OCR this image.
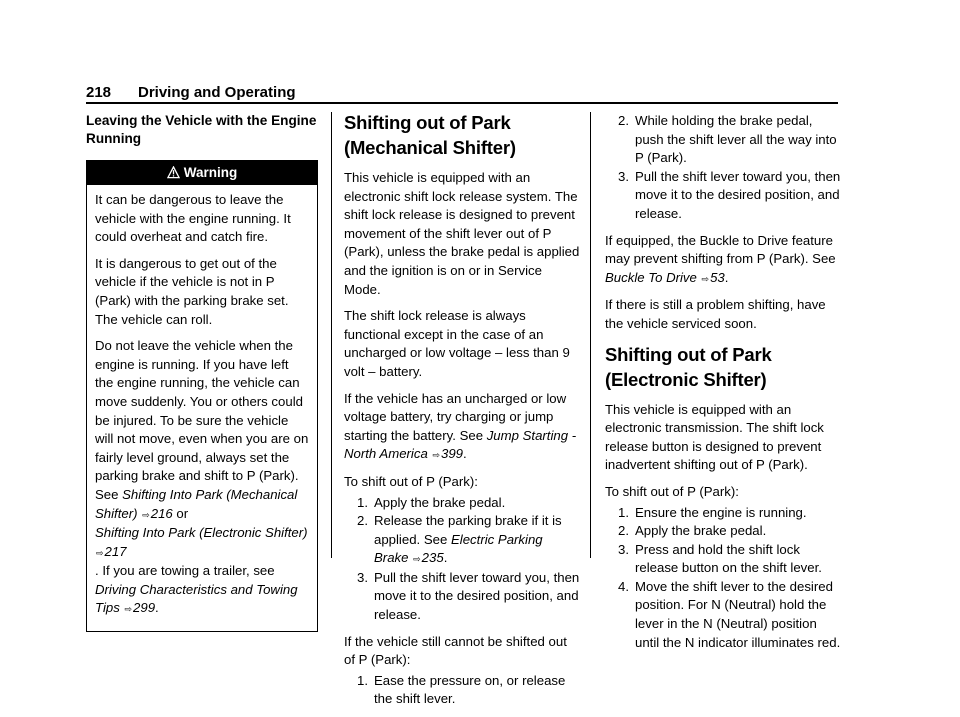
218 Driving and Operating
Leaving the Vehicle with the Engine Running
Warning

It can be dangerous to leave the vehicle with the engine running. It could overheat and catch fire.

It is dangerous to get out of the vehicle if the vehicle is not in P (Park) with the parking brake set. The vehicle can roll.

Do not leave the vehicle when the engine is running. If you have left the engine running, the vehicle can move suddenly. You or others could be injured. To be sure the vehicle will not move, even when you are on fairly level ground, always set the parking brake and shift to P (Park). See Shifting Into Park (Mechanical Shifter) ⇨216 or
Shifting Into Park (Electronic Shifter) ⇨217
. If you are towing a trailer, see Driving Characteristics and Towing Tips ⇨299.

Shifting out of Park (Mechanical Shifter)

This vehicle is equipped with an electronic shift lock release system. The shift lock release is designed to prevent movement of the shift lever out of P (Park), unless the brake pedal is applied and the ignition is on or in Service Mode.

The shift lock release is always functional except in the case of an uncharged or low voltage – less than 9 volt – battery.

If the vehicle has an uncharged or low voltage battery, try charging or jump starting the battery. See Jump Starting - North America ⇨399.

To shift out of P (Park):

1. Apply the brake pedal.
2. Release the parking brake if it is applied. See Electric Parking Brake ⇨235.
3. Pull the shift lever toward you, then move it to the desired position, and release.

If the vehicle still cannot be shifted out of P (Park):

1. Ease the pressure on, or release the shift lever.
2. While holding the brake pedal, push the shift lever all the way into P (Park).
3. Pull the shift lever toward you, then move it to the desired position, and release.

If equipped, the Buckle to Drive feature may prevent shifting from P (Park). See Buckle To Drive ⇨53.

If there is still a problem shifting, have the vehicle serviced soon.

Shifting out of Park (Electronic Shifter)

This vehicle is equipped with an electronic transmission. The shift lock release button is designed to prevent inadvertent shifting out of P (Park).

To shift out of P (Park):

1. Ensure the engine is running.
2. Apply the brake pedal.
3. Press and hold the shift lock release button on the shift lever.
4. Move the shift lever to the desired position. For N (Neutral) hold the lever in the N (Neutral) position until the N indicator illuminates red.
